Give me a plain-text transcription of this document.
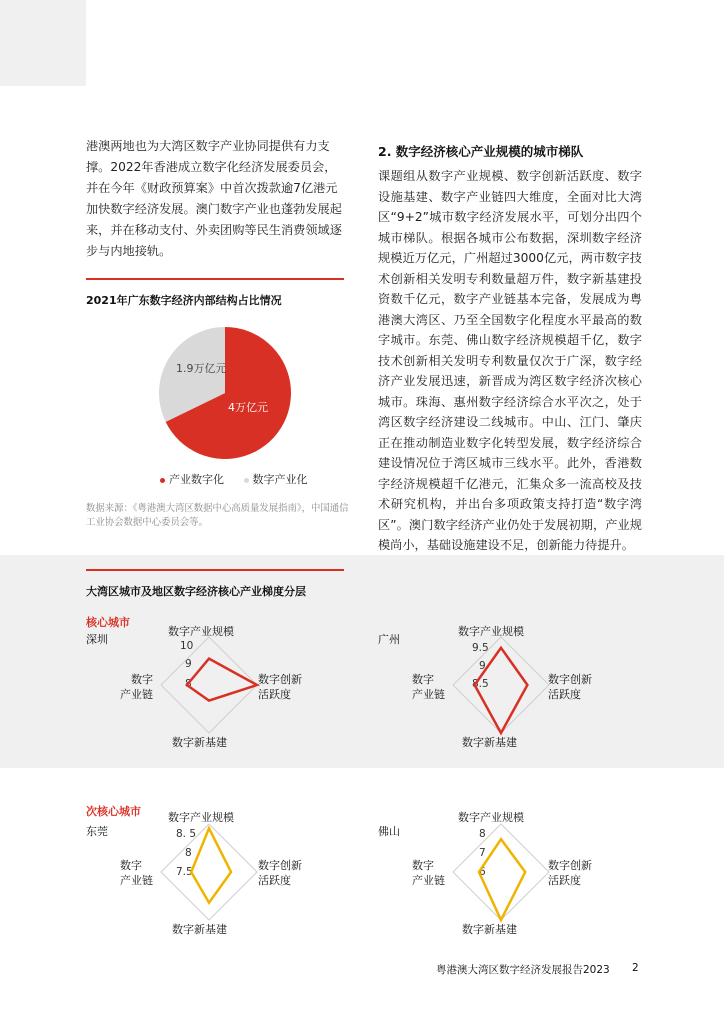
港澳两地也为大湾区数字产业协同提供有力支撑。2022年香港成立数字化经济发展委员会，并在今年《财政预算案》中首次拨款逾7亿港元加快数字经济发展。澳门数字产业也蓬勃发展起来，并在移动支付、外卖团购等民生消费领域逐步与内地接轨。
2. 数字经济核心产业规模的城市梯队
课题组从数字产业规模、数字创新活跃度、数字设施基建、数字产业链四大维度，全面对比大湾区“9+2”城市数字经济发展水平，可划分出四个城市梯队。根据各城市公布数据，深圳数字经济规模近万亿元，广州超过3000亿元，两市数字技术创新相关发明专利数量超万件，数字新基建投资数千亿元，数字产业链基本完备，发展成为粤港澳大湾区、乃至全国数字化程度水平最高的数字城市。东莞、佛山数字经济规模超千亿，数字技术创新相关发明专利数量仅次于广深，数字经济产业发展迅速，新晋成为湾区数字经济次核心城市。珠海、惠州数字经济综合水平次之，处于湾区数字经济建设二线城市。中山、江门、肇庆正在推动制造业数字化转型发展，数字经济综合建设情况位于湾区城市三线水平。此外，香港数字经济规模超千亿港元，汇集众多一流高校及技术研究机构，并出台多项政策支持打造“数字湾区”。澳门数字经济产业仍处于发展初期，产业规模尚小，基础设施建设不足，创新能力待提升。
2021年广东数字经济内部结构占比情况
1.9万亿元
4万亿元
产业数字化	数字产业化
数据来源：《粤港澳大湾区数据中心高质量发展指南》，中国通信工业协会数据中心委员会等。
大湾区城市及地区数字经济核心产业梯度分层
核心城市
次核心城市
深圳
数字产业规模
数字创新
活跃度
数字新基建
数字
产业链
10
9
8
广州
数字产业规模
数字创新
活跃度
数字新基建
数字
产业链
9.5
9
8.5
东莞
数字产业规模
数字创新
活跃度
数字新基建
数字
产业链
8. 5
8
7.5
佛山
数字产业规模
数字创新
活跃度
数字新基建
数字
产业链
8
7
6
粤港澳大湾区数字经济发展报告2023 2
